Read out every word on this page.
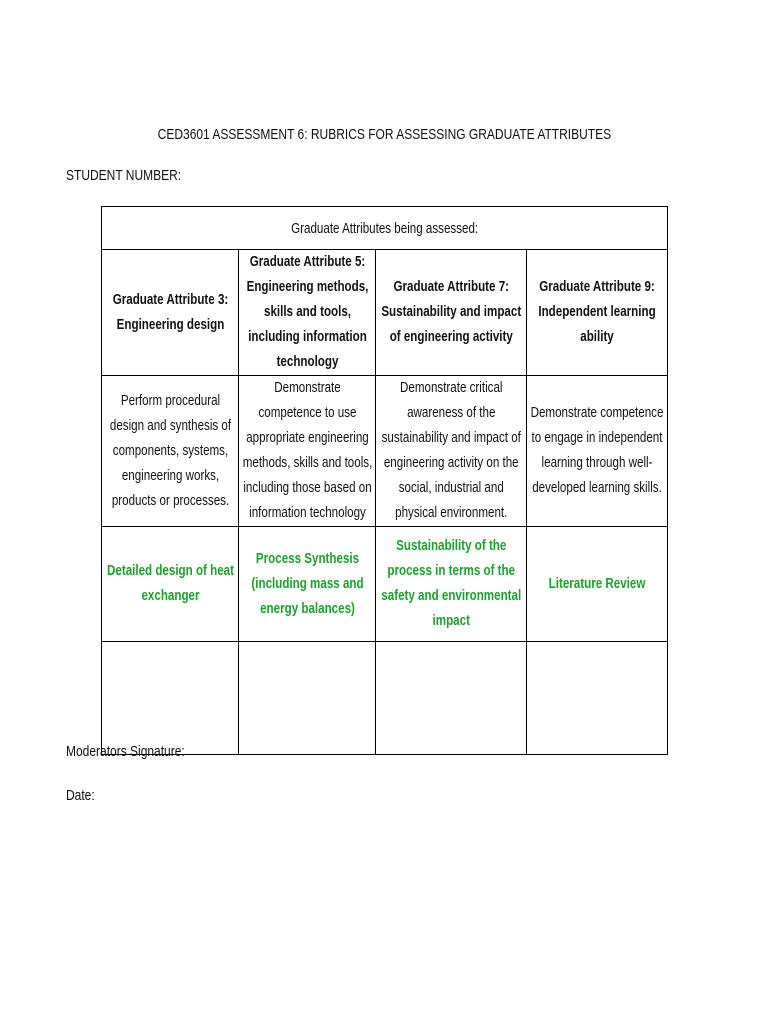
CED3601 ASSESSMENT 6: RUBRICS FOR ASSESSING GRADUATE ATTRIBUTES
STUDENT NUMBER:
Graduate Attributes being assessed:			
Graduate Attribute 3: Engineering design	Graduate Attribute 5: Engineering methods, skills and tools, including information technology	Graduate Attribute 7: Sustainability and impact of engineering activity	Graduate Attribute 9: Independent learning ability
Perform procedural design and synthesis of components, systems, engineering works, products or processes.	Demonstrate competence to use appropriate engineering methods, skills and tools, including those based on information technology	Demonstrate critical awareness of the sustainability and impact of engineering activity on the social, industrial and physical environment.	Demonstrate competence to engage in independent learning through well-developed learning skills.
Detailed design of heat exchanger	Process Synthesis (including mass and energy balances)	Sustainability of the process in terms of the safety and environmental impact	Literature Review

Moderators Signature:
Date:
